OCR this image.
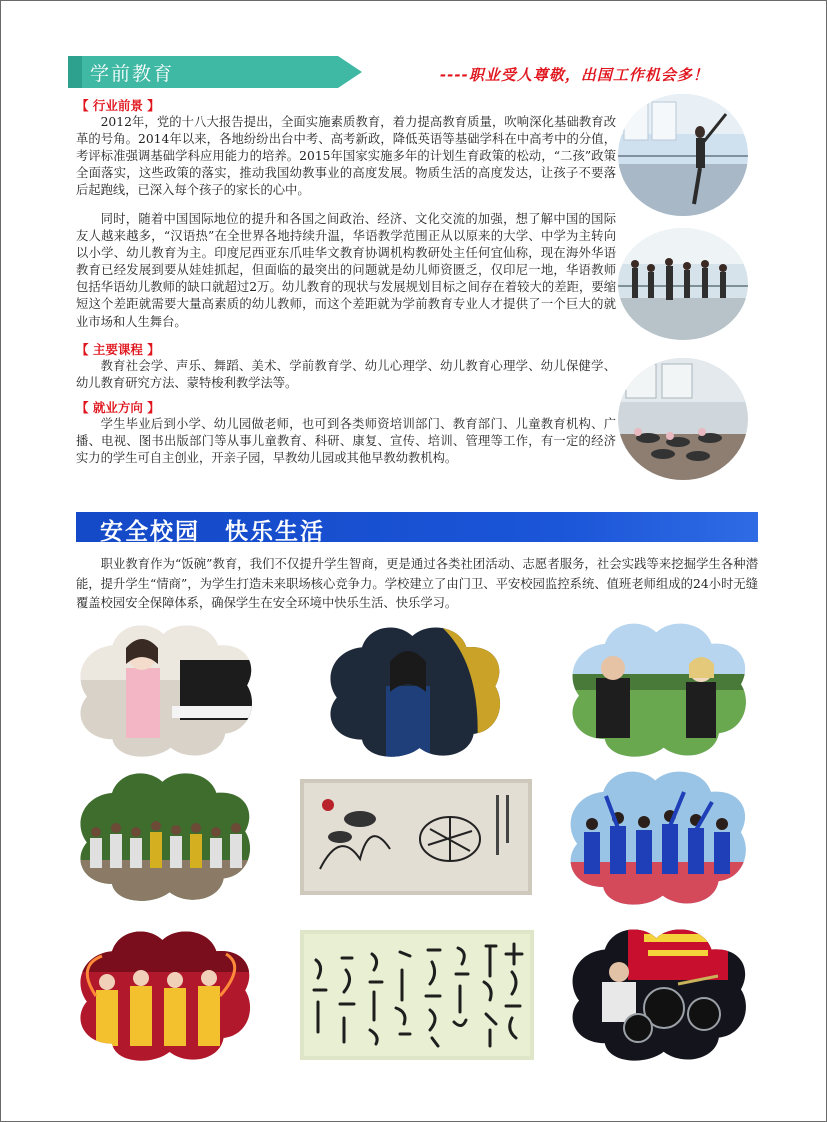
学前教育	----职业受人尊敬，出国工作机会多！
【 行业前景 】

2012年，党的十八大报告提出，全面实施素质教育，着力提高教育质量，吹响深化基础教育改革的号角。2014年以来，各地纷纷出台中考、高考新政，降低英语等基础学科在中高考中的分值，考评标准强调基础学科应用能力的培养。2015年国家实施多年的计划生育政策的松动，“二孩”政策全面落实，这些政策的落实，推动我国幼教事业的高度发展。物质生活的高度发达，让孩子不要落后起跑线，已深入每个孩子的家长的心中。

同时，随着中国国际地位的提升和各国之间政治、经济、文化交流的加强，想了解中国的国际友人越来越多，“汉语热”在全世界各地持续升温，华语教学范围正从以原来的大学、中学为主转向以小学、幼儿教育为主。印度尼西亚东爪哇华文教育协调机构教研处主任何宜仙称，现在海外华语教育已经发展到要从娃娃抓起，但面临的最突出的问题就是幼儿师资匮乏，仅印尼一地，华语教师包括华语幼儿教师的缺口就超过2万。幼儿教育的现状与发展规划目标之间存在着较大的差距，要缩短这个差距就需要大量高素质的幼儿教师，而这个差距就为学前教育专业人才提供了一个巨大的就业市场和人生舞台。

【 主要课程 】

教育社会学、声乐、舞蹈、美术、学前教育学、幼儿心理学、幼儿教育心理学、幼儿保健学、幼儿教育研究方法、蒙特梭利教学法等。

【 就业方向 】

学生毕业后到小学、幼儿园做老师，也可到各类师资培训部门、教育部门、儿童教育机构、广播、电视、图书出版部门等从事儿童教育、科研、康复、宣传、培训、管理等工作，有一定的经济实力的学生可自主创业，开亲子园，早教幼儿园或其他早教幼教机构。

安全校园　快乐生活

职业教育作为“饭碗”教育，我们不仅提升学生智商，更是通过各类社团活动、志愿者服务，社会实践等来挖掘学生各种潜能，提升学生“情商”，为学生打造未来职场核心竞争力。学校建立了由门卫、平安校园监控系统、值班老师组成的24小时无缝覆盖校园安全保障体系，确保学生在安全环境中快乐生活、快乐学习。
